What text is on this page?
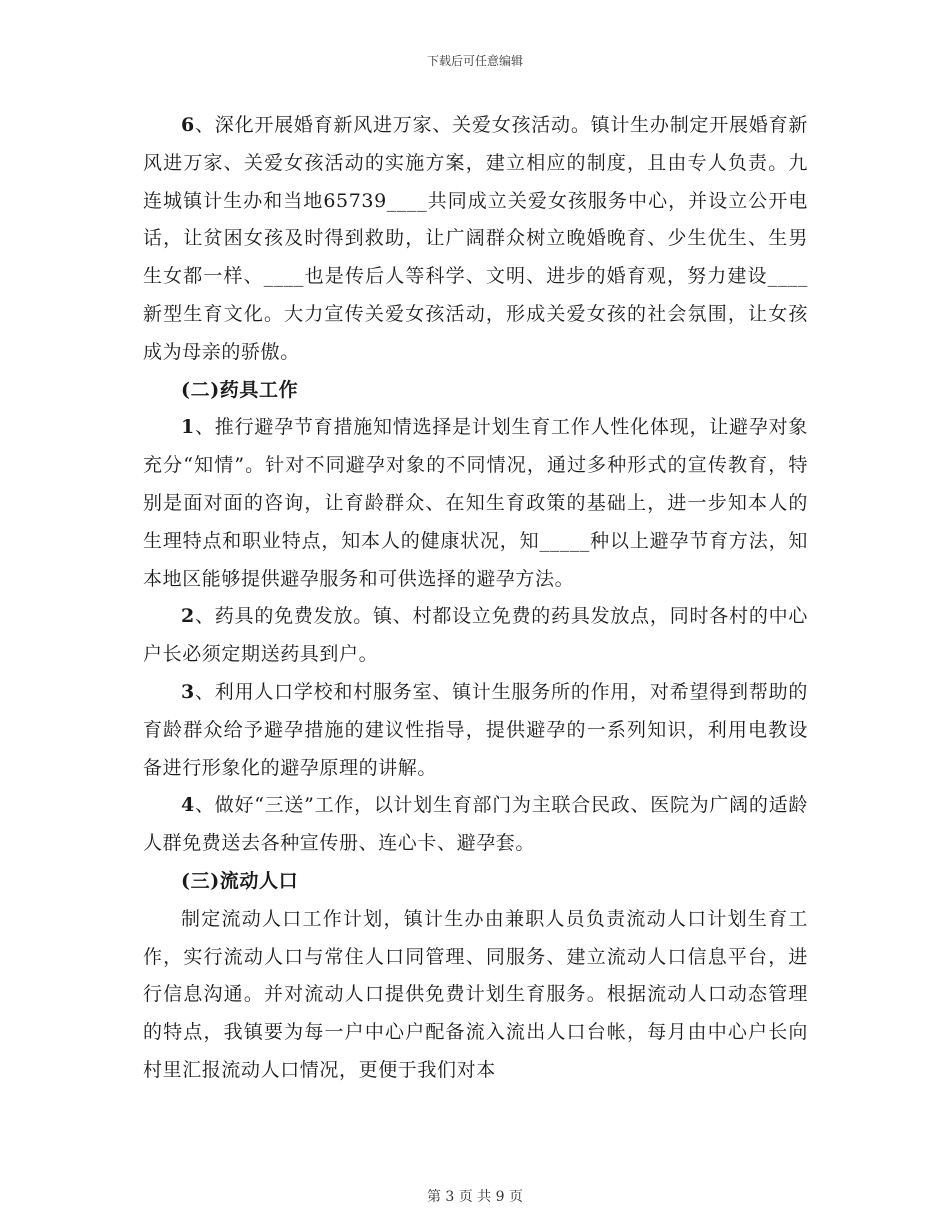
下载后可任意编辑

6、深化开展婚育新风进万家、关爱女孩活动。镇计生办制定开展婚育新风进万家、关爱女孩活动的实施方案，建立相应的制度，且由专人负责。九连城镇计生办和当地65739____共同成立关爱女孩服务中心，并设立公开电话，让贫困女孩及时得到救助，让广阔群众树立晚婚晚育、少生优生、生男生女都一样、____也是传后人等科学、文明、进步的婚育观，努力建设____新型生育文化。大力宣传关爱女孩活动，形成关爱女孩的社会氛围，让女孩成为母亲的骄傲。

(二)药具工作

1、推行避孕节育措施知情选择是计划生育工作人性化体现，让避孕对象充分“知情”。针对不同避孕对象的不同情况，通过多种形式的宣传教育，特别是面对面的咨询，让育龄群众、在知生育政策的基础上，进一步知本人的生理特点和职业特点，知本人的健康状况，知_____种以上避孕节育方法，知本地区能够提供避孕服务和可供选择的避孕方法。

2、药具的免费发放。镇、村都设立免费的药具发放点，同时各村的中心户长必须定期送药具到户。

3、利用人口学校和村服务室、镇计生服务所的作用，对希望得到帮助的育龄群众给予避孕措施的建议性指导，提供避孕的一系列知识，利用电教设备进行形象化的避孕原理的讲解。

4、做好“三送”工作，以计划生育部门为主联合民政、医院为广阔的适龄人群免费送去各种宣传册、连心卡、避孕套。

(三)流动人口

制定流动人口工作计划，镇计生办由兼职人员负责流动人口计划生育工作，实行流动人口与常住人口同管理、同服务、建立流动人口信息平台，进行信息沟通。并对流动人口提供免费计划生育服务。根据流动人口动态管理的特点，我镇要为每一户中心户配备流入流出人口台帐，每月由中心户长向村里汇报流动人口情况，更便于我们对本

第 3 页 共 9 页
